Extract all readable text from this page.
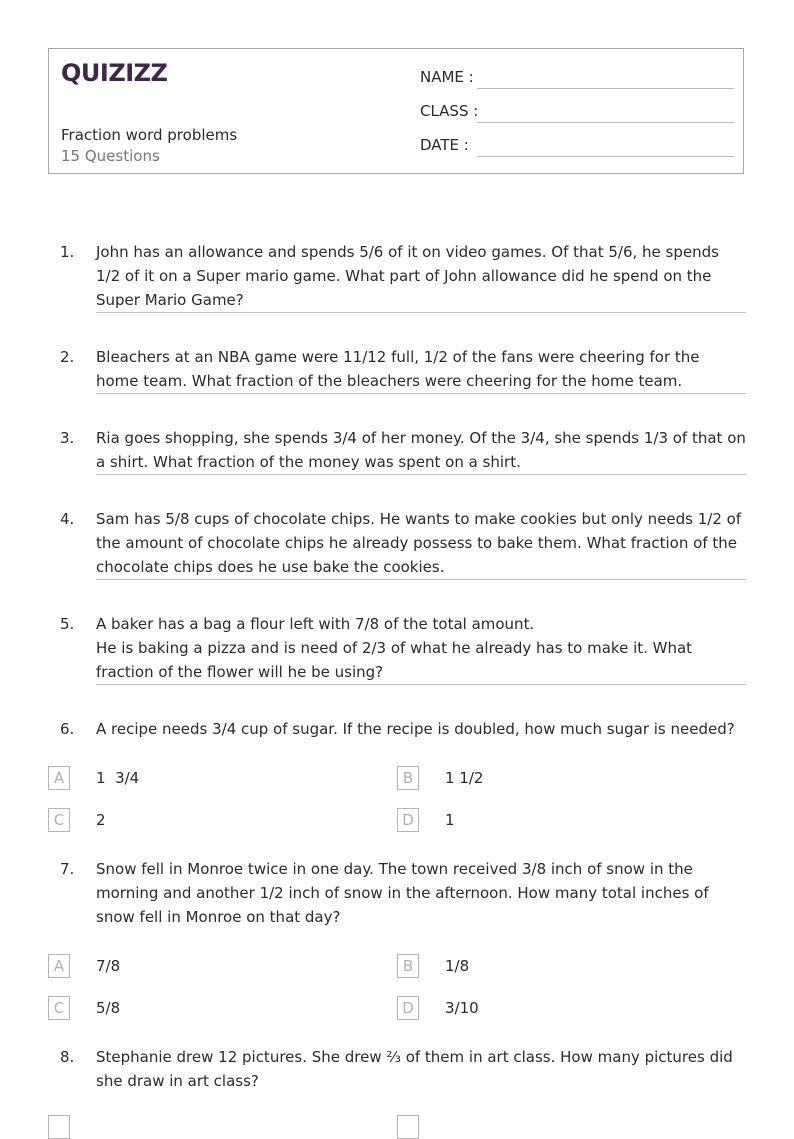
QUIZIZZ
Fraction word problems
15 Questions
NAME :
CLASS :
DATE :
1. John has an allowance and spends 5/6 of it on video games. Of that 5/6, he spends 1/2 of it on a Super mario game. What part of John allowance did he spend on the Super Mario Game?
2. Bleachers at an NBA game were 11/12 full, 1/2 of the fans were cheering for the home team. What fraction of the bleachers were cheering for the home team.
3. Ria goes shopping, she spends 3/4 of her money. Of the 3/4, she spends 1/3 of that on a shirt. What fraction of the money was spent on a shirt.
4. Sam has 5/8 cups of chocolate chips. He wants to make cookies but only needs 1/2 of the amount of chocolate chips he already possess to bake them. What fraction of the chocolate chips does he use bake the cookies.
5. A baker has a bag a flour left with 7/8 of the total amount.
He is baking a pizza and is need of 2/3 of what he already has to make it. What fraction of the flower will he be using?
6. A recipe needs 3/4 cup of sugar. If the recipe is doubled, how much sugar is needed?
A	1  3/4	B	1 1/2
C	2	D	1
7. Snow fell in Monroe twice in one day. The town received 3/8 inch of snow in the morning and another 1/2 inch of snow in the afternoon. How many total inches of snow fell in Monroe on that day?
A	7/8	B	1/8
C	5/8	D	3/10
8. Stephanie drew 12 pictures. She drew ⅔ of them in art class. How many pictures did she draw in art class?
